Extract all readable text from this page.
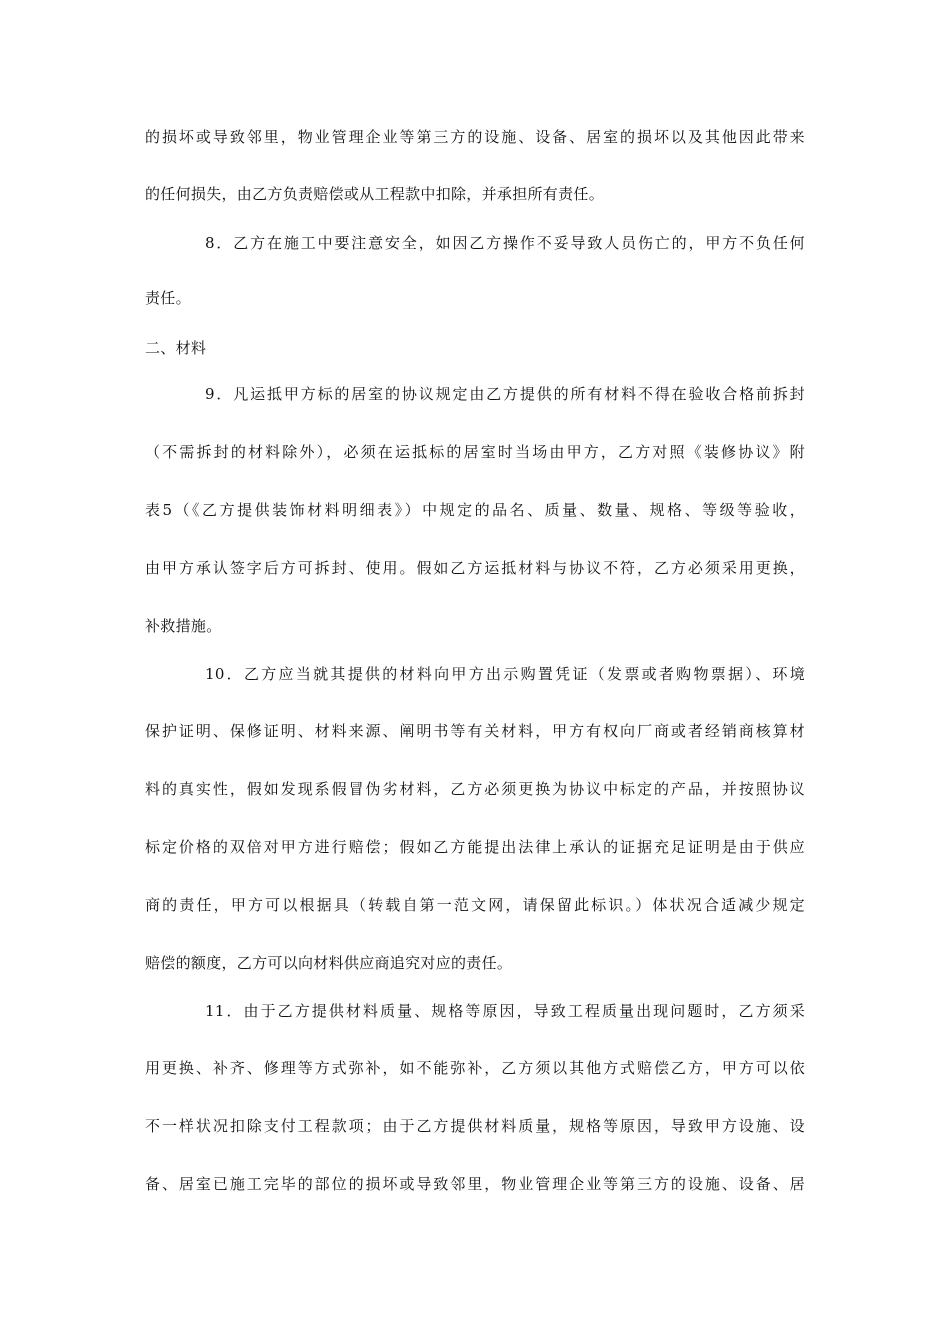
的损坏或导致邻里，物业管理企业等第三方的设施、设备、居室的损坏以及其他因此带来
的任何损失，由乙方负责赔偿或从工程款中扣除，并承担所有责任。
8．乙方在施工中要注意安全，如因乙方操作不妥导致人员伤亡的，甲方不负任何
责任。
二、材料
9．凡运抵甲方标的居室的协议规定由乙方提供的所有材料不得在验收合格前拆封
（不需拆封的材料除外），必须在运抵标的居室时当场由甲方，乙方对照《装修协议》附
表5（《乙方提供装饰材料明细表》）中规定的品名、质量、数量、规格、等级等验收，
由甲方承认签字后方可拆封、使用。假如乙方运抵材料与协议不符，乙方必须采用更换，
补救措施。
10．乙方应当就其提供的材料向甲方出示购置凭证（发票或者购物票据）、环境
保护证明、保修证明、材料来源、阐明书等有关材料，甲方有权向厂商或者经销商核算材
料的真实性，假如发现系假冒伪劣材料，乙方必须更换为协议中标定的产品，并按照协议
标定价格的双倍对甲方进行赔偿；假如乙方能提出法律上承认的证据充足证明是由于供应
商的责任，甲方可以根据具（转载自第一范文网，请保留此标识。）体状况合适减少规定
赔偿的额度，乙方可以向材料供应商追究对应的责任。
11．由于乙方提供材料质量、规格等原因，导致工程质量出现问题时，乙方须采
用更换、补齐、修理等方式弥补，如不能弥补，乙方须以其他方式赔偿乙方，甲方可以依
不一样状况扣除支付工程款项；由于乙方提供材料质量，规格等原因，导致甲方设施、设
备、居室已施工完毕的部位的损坏或导致邻里，物业管理企业等第三方的设施、设备、居
